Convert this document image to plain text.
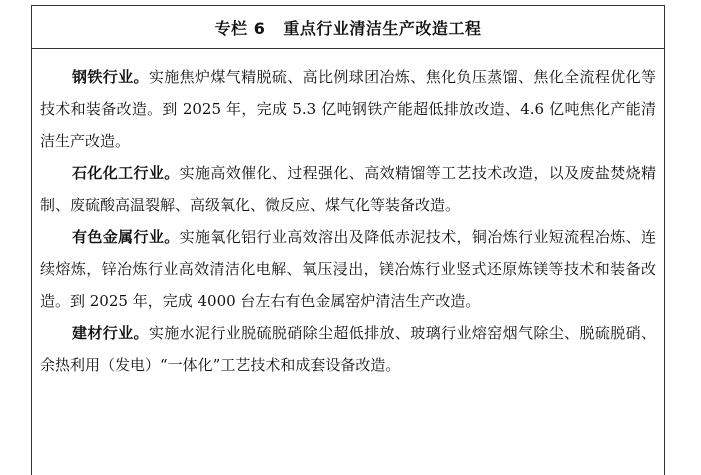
专栏 6 重点行业清洁生产改造工程

钢铁行业。实施焦炉煤气精脱硫、高比例球团冶炼、焦化负压蒸馏、焦化全流程优化等技术和装备改造。到 2025 年，完成 5.3 亿吨钢铁产能超低排放改造、4.6 亿吨焦化产能清洁生产改造。

石化化工行业。实施高效催化、过程强化、高效精馏等工艺技术改造，以及废盐焚烧精制、废硫酸高温裂解、高级氧化、微反应、煤气化等装备改造。

有色金属行业。实施氧化铝行业高效溶出及降低赤泥技术，铜冶炼行业短流程冶炼、连续熔炼，锌冶炼行业高效清洁化电解、氧压浸出，镁冶炼行业竖式还原炼镁等技术和装备改造。到 2025 年，完成 4000 台左右有色金属窑炉清洁生产改造。

建材行业。实施水泥行业脱硫脱硝除尘超低排放、玻璃行业熔窑烟气除尘、脱硫脱硝、余热利用（发电）“一体化”工艺技术和成套设备改造。
